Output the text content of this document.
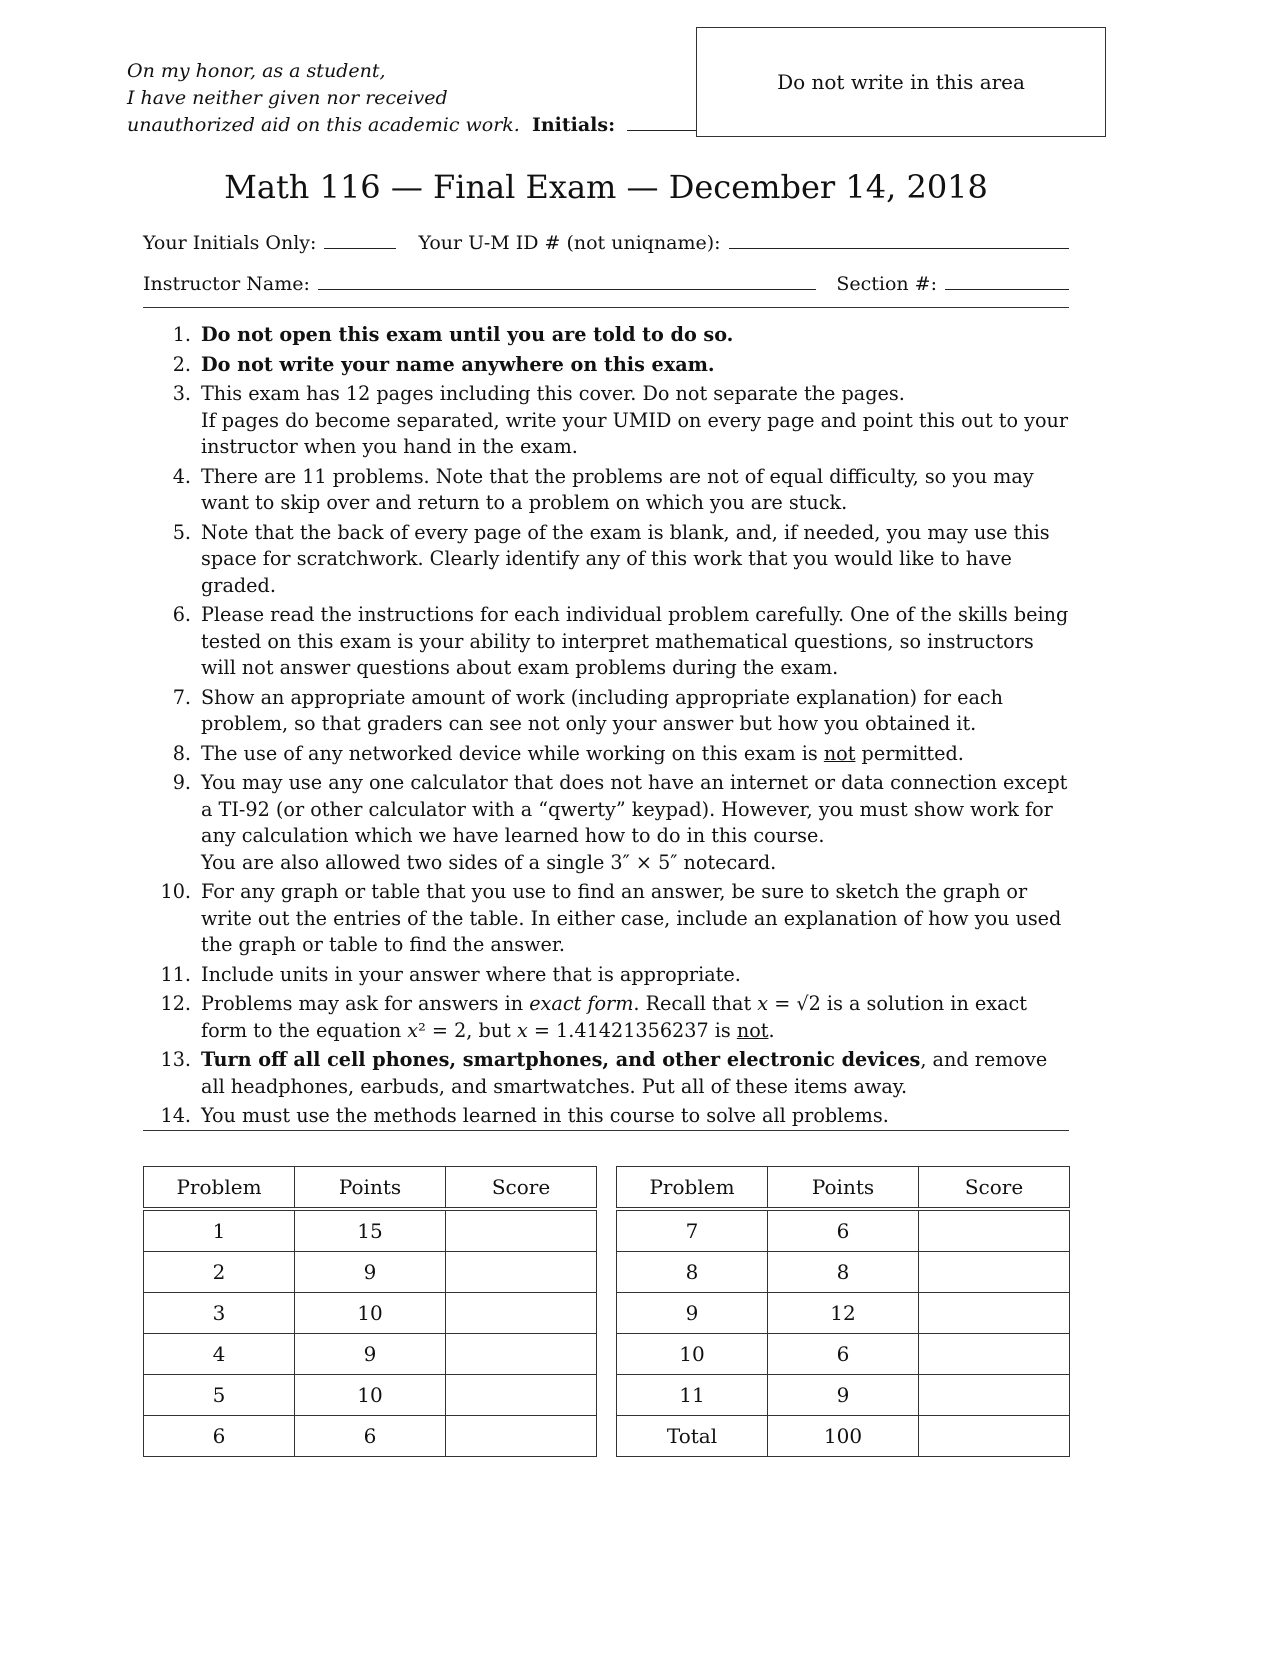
On my honor, as a student,
I have neither given nor received
unauthorized aid on this academic work. Initials:
Do not write in this area
Math 116 — Final Exam — December 14, 2018
Your Initials Only:	Your U-M ID # (not uniqname):
Instructor Name:	Section #:
1. Do not open this exam until you are told to do so.
2. Do not write your name anywhere on this exam.
3. This exam has 12 pages including this cover. Do not separate the pages.
If pages do become separated, write your UMID on every page and point this out to your instructor when you hand in the exam.
4. There are 11 problems. Note that the problems are not of equal difficulty, so you may want to skip over and return to a problem on which you are stuck.
5. Note that the back of every page of the exam is blank, and, if needed, you may use this space for scratchwork. Clearly identify any of this work that you would like to have graded.
6. Please read the instructions for each individual problem carefully. One of the skills being tested on this exam is your ability to interpret mathematical questions, so instructors will not answer questions about exam problems during the exam.
7. Show an appropriate amount of work (including appropriate explanation) for each problem, so that graders can see not only your answer but how you obtained it.
8. The use of any networked device while working on this exam is not permitted.
9. You may use any one calculator that does not have an internet or data connection except a TI-92 (or other calculator with a “qwerty” keypad). However, you must show work for any calculation which we have learned how to do in this course.
You are also allowed two sides of a single 3″ × 5″ notecard.
10. For any graph or table that you use to find an answer, be sure to sketch the graph or write out the entries of the table. In either case, include an explanation of how you used the graph or table to find the answer.
11. Include units in your answer where that is appropriate.
12. Problems may ask for answers in exact form. Recall that x = √2 is a solution in exact form to the equation x² = 2, but x = 1.41421356237 is not.
13. Turn off all cell phones, smartphones, and other electronic devices, and remove all headphones, earbuds, and smartwatches. Put all of these items away.
14. You must use the methods learned in this course to solve all problems.
Problem	Points	Score
1	15	
2	9	
3	10	
4	9	
5	10	
6	6	
Problem	Points	Score
7	6	
8	8	
9	12	
10	6	
11	9	
Total	100	
